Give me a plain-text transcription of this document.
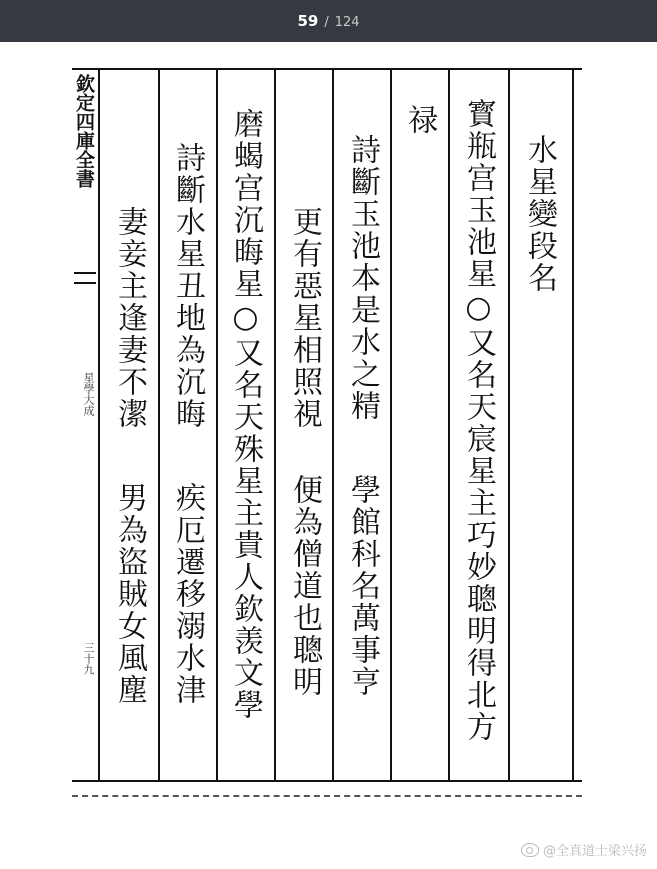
59 / 124
欽定四庫全書
星學大成
三十九
水星變段名
寳瓶宫玉池星○又名天宸星主巧妙聰明得北方
禄
詩斷玉池本是水之精
學館科名萬事亨
更有惡星相照視
便為僧道也聰明
磨蝎宫沉晦星○又名天殊星主貴人欽羡文學
詩斷水星丑地為沉晦
疾厄遷移溺水津
妻妾主逢妻不潔
男為盜賊女風塵
@全真道士梁兴扬
